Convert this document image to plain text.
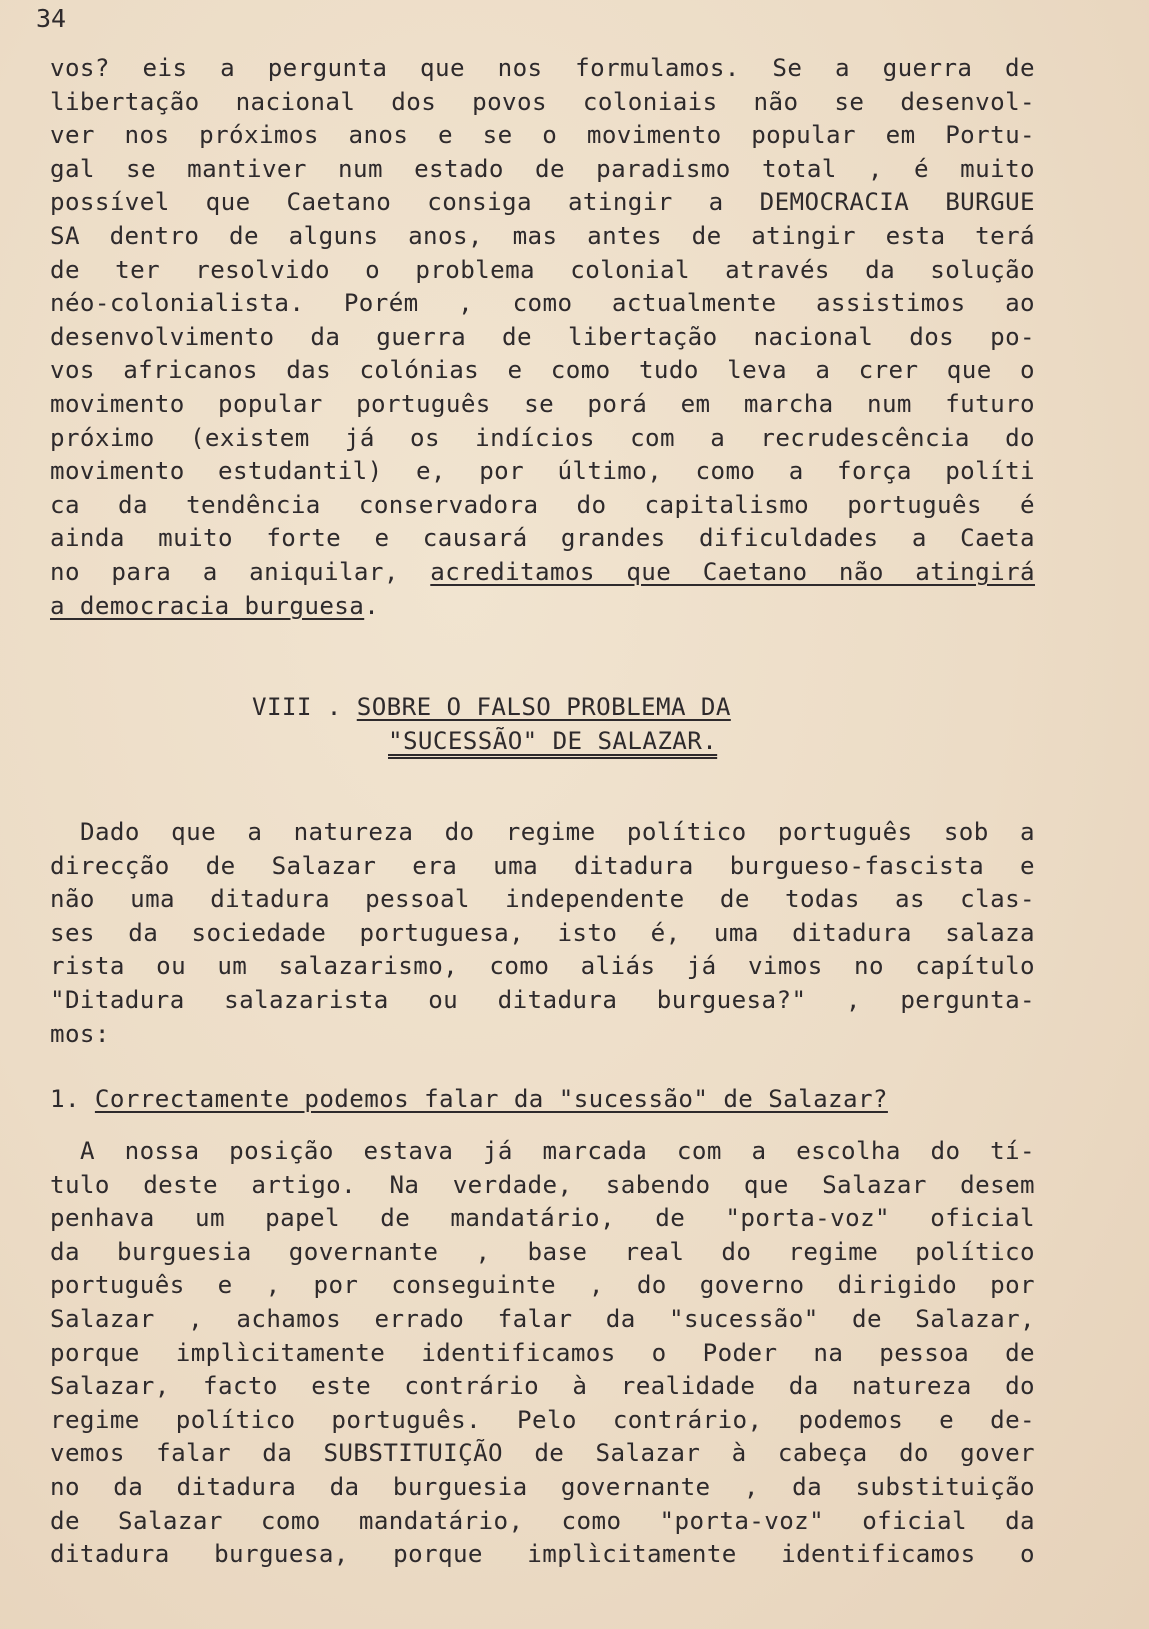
34
vos? eis a pergunta que nos formulamos. Se a guerra de
libertação nacional dos povos coloniais não se desenvol-
ver nos próximos anos e se o movimento popular em Portu-
gal se mantiver num estado de paradismo total , é muito
possível que Caetano consiga atingir a DEMOCRACIA BURGUE
SA dentro de alguns anos, mas antes de atingir esta terá
de ter resolvido o problema colonial através da solução
néo-colonialista. Porém , como actualmente assistimos ao
desenvolvimento da guerra de libertação nacional dos po-
vos africanos das colónias e como tudo leva a crer que o
movimento popular português se porá em marcha num futuro
próximo (existem já os indícios com a recrudescência do
movimento estudantil) e, por último, como a força políti
ca da tendência conservadora do capitalismo português é
ainda muito forte e causará grandes dificuldades a Caeta
no para a aniquilar, acreditamos que Caetano não atingirá
a democracia burguesa.
VIII . SOBRE O FALSO PROBLEMA DA
"SUCESSÃO" DE SALAZAR.
Dado que a natureza do regime político português sob a
direcção de Salazar era uma ditadura burgueso-fascista e
não uma ditadura pessoal independente de todas as clas-
ses da sociedade portuguesa, isto é, uma ditadura salaza
rista ou um salazarismo, como aliás já vimos no capítulo
"Ditadura salazarista ou ditadura burguesa?" , pergunta-
mos:
1. Correctamente podemos falar da "sucessão" de Salazar?
A nossa posição estava já marcada com a escolha do tí-
tulo deste artigo. Na verdade, sabendo que Salazar desem
penhava um papel de mandatário, de "porta-voz" oficial
da burguesia governante , base real do regime político
português e , por conseguinte , do governo dirigido por
Salazar , achamos errado falar da "sucessão" de Salazar,
porque implìcitamente identificamos o Poder na pessoa de
Salazar, facto este contrário à realidade da natureza do
regime político português. Pelo contrário, podemos e de-
vemos falar da SUBSTITUIÇÃO de Salazar à cabeça do gover
no da ditadura da burguesia governante , da substituição
de Salazar como mandatário, como "porta-voz" oficial da
ditadura burguesa, porque implìcitamente identificamos o
